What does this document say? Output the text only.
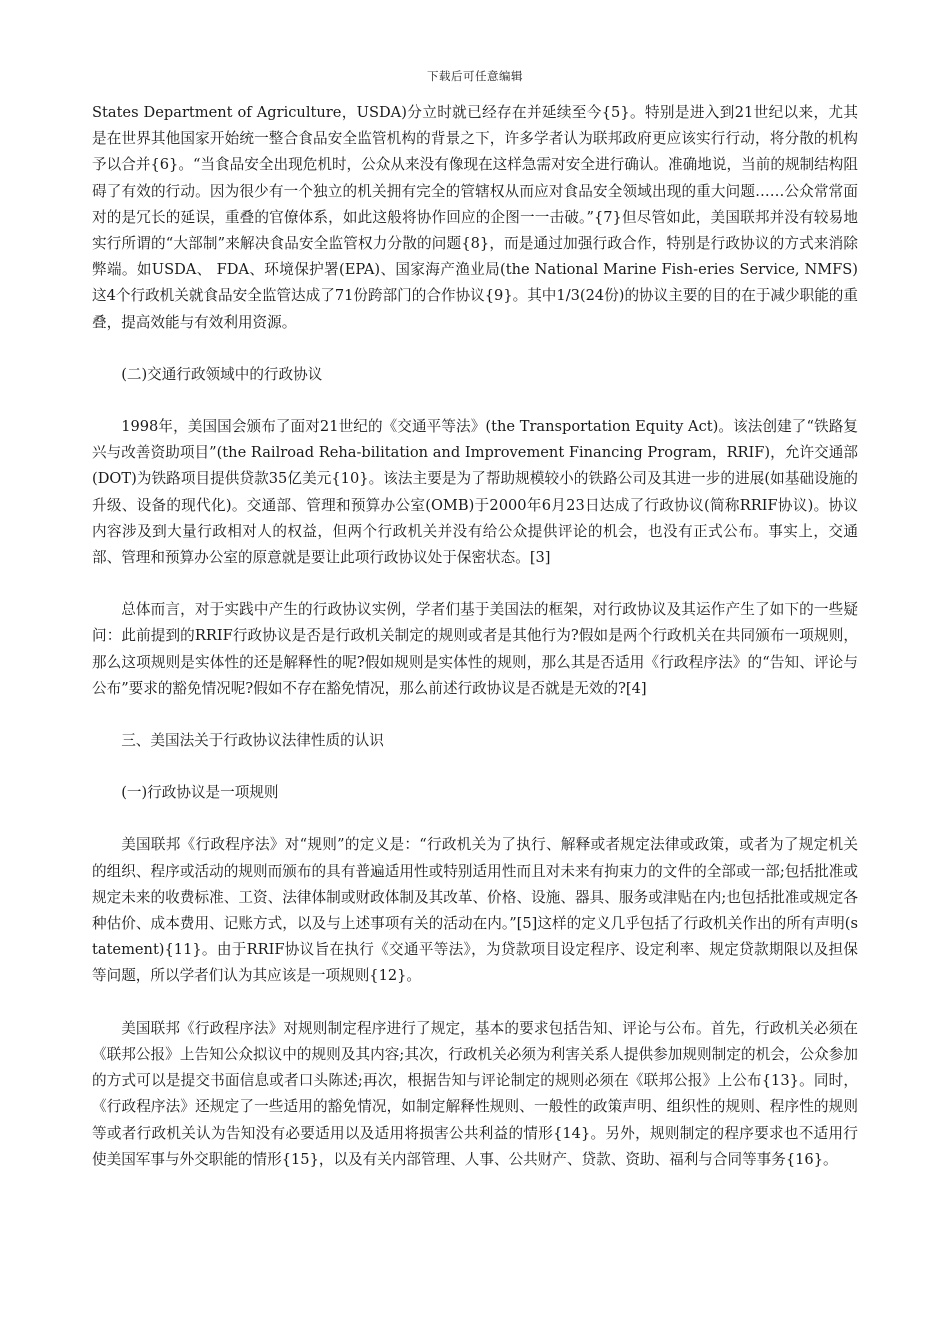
下载后可任意编辑

States Department of Agriculture，USDA)分立时就已经存在并延续至今{5}。特别是进入到21世纪以来，尤其是在世界其他国家开始统一整合食品安全监管机构的背景之下，许多学者认为联邦政府更应该实行行动，将分散的机构予以合并{6}。“当食品安全出现危机时，公众从来没有像现在这样急需对安全进行确认。准确地说，当前的规制结构阻碍了有效的行动。因为很少有一个独立的机关拥有完全的管辖权从而应对食品安全领域出现的重大问题……公众常常面对的是冗长的延误，重叠的官僚体系，如此这般将协作回应的企图一一击破。”{7}但尽管如此，美国联邦并没有较易地实行所谓的“大部制”来解决食品安全监管权力分散的问题{8}，而是通过加强行政合作，特别是行政协议的方式来消除弊端。如USDA、 FDA、环境保护署(EPA)、国家海产渔业局(the National Marine Fish-eries Service, NMFS)这4个行政机关就食品安全监管达成了71份跨部门的合作协议{9}。其中1/3(24份)的协议主要的目的在于减少职能的重叠，提高效能与有效利用资源。

(二)交通行政领域中的行政协议

1998年，美国国会颁布了面对21世纪的《交通平等法》(the Transportation Equity Act)。该法创建了“铁路复兴与改善资助项目”(the Railroad Reha-bilitation and Improvement Financing Program，RRIF)，允许交通部(DOT)为铁路项目提供贷款35亿美元{10}。该法主要是为了帮助规模较小的铁路公司及其进一步的进展(如基础设施的升级、设备的现代化)。交通部、管理和预算办公室(OMB)于2000年6月23日达成了行政协议(简称RRIF协议)。协议内容涉及到大量行政相对人的权益，但两个行政机关并没有给公众提供评论的机会，也没有正式公布。事实上，交通部、管理和预算办公室的原意就是要让此项行政协议处于保密状态。[3]

总体而言，对于实践中产生的行政协议实例，学者们基于美国法的框架，对行政协议及其运作产生了如下的一些疑问：此前提到的RRIF行政协议是否是行政机关制定的规则或者是其他行为?假如是两个行政机关在共同颁布一项规则，那么这项规则是实体性的还是解释性的呢?假如规则是实体性的规则，那么其是否适用《行政程序法》的“告知、评论与公布”要求的豁免情况呢?假如不存在豁免情况，那么前述行政协议是否就是无效的?[4]

三、美国法关于行政协议法律性质的认识

(一)行政协议是一项规则

美国联邦《行政程序法》对“规则”的定义是：“行政机关为了执行、解释或者规定法律或政策，或者为了规定机关的组织、程序或活动的规则而颁布的具有普遍适用性或特别适用性而且对未来有拘束力的文件的全部或一部;包括批准或规定未来的收费标准、工资、法律体制或财政体制及其改革、价格、设施、器具、服务或津贴在内;也包括批准或规定各种估价、成本费用、记账方式，以及与上述事项有关的活动在内。”[5]这样的定义几乎包括了行政机关作出的所有声明(statement){11}。由于RRIF协议旨在执行《交通平等法》，为贷款项目设定程序、设定利率、规定贷款期限以及担保等问题，所以学者们认为其应该是一项规则{12}。

美国联邦《行政程序法》对规则制定程序进行了规定，基本的要求包括告知、评论与公布。首先，行政机关必须在《联邦公报》上告知公众拟议中的规则及其内容;其次，行政机关必须为利害关系人提供参加规则制定的机会，公众参加的方式可以是提交书面信息或者口头陈述;再次，根据告知与评论制定的规则必须在《联邦公报》上公布{13}。同时，《行政程序法》还规定了一些适用的豁免情况，如制定解释性规则、一般性的政策声明、组织性的规则、程序性的规则等或者行政机关认为告知没有必要适用以及适用将损害公共利益的情形{14}。另外，规则制定的程序要求也不适用行使美国军事与外交职能的情形{15}，以及有关内部管理、人事、公共财产、贷款、资助、福利与合同等事务{16}。
